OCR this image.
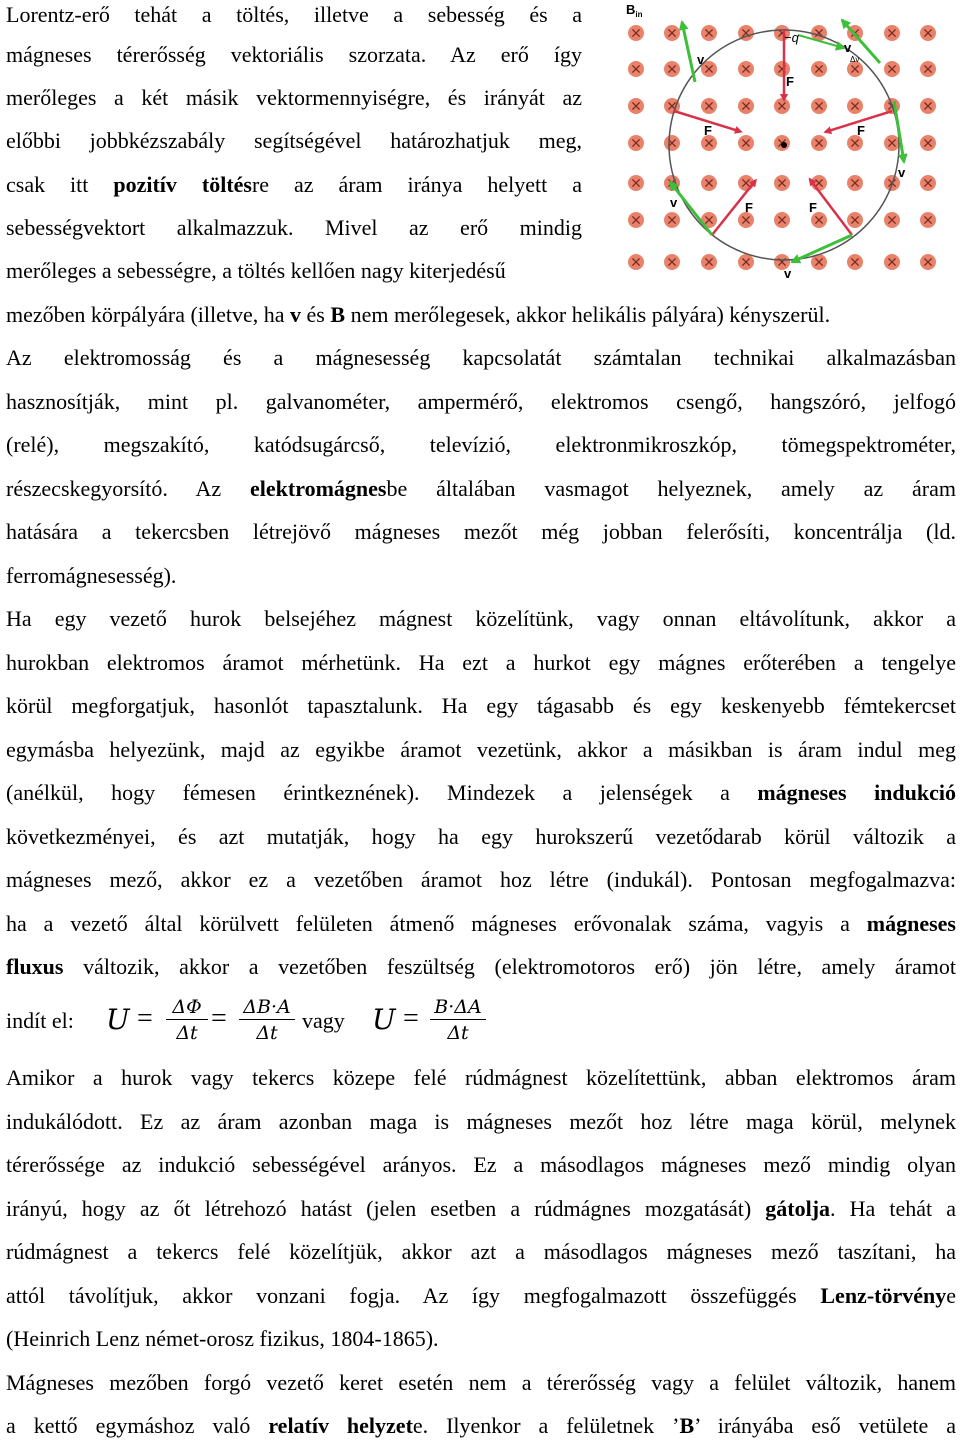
Lorentz-erő tehát a töltés, illetve a sebesség és a
mágneses térerősség vektoriális szorzata. Az erő így
merőleges a két másik vektormennyiségre, és irányát az
előbbi jobbkézszabály segítségével határozhatjuk meg,
csak itt pozitív töltésre az áram iránya helyett a
sebességvektort alkalmazzuk. Mivel az erő mindig
merőleges a sebességre, a töltés kellően nagy kiterjedésű
mezőben körpályára (illetve, ha v és B nem merőlegesek, akkor helikális pályára) kényszerül.
Az elektromosság és a mágnesesség kapcsolatát számtalan technikai alkalmazásban
hasznosítják, mint pl. galvanométer, ampermérő, elektromos csengő, hangszóró, jelfogó
(relé), megszakító, katódsugárcső, televízió, elektronmikroszkóp, tömegspektrométer,
részecskegyorsító. Az elektromágnesbe általában vasmagot helyeznek, amely az áram
hatására a tekercsben létrejövő mágneses mezőt még jobban felerősíti, koncentrálja (ld.
ferromágnesesség).
Ha egy vezető hurok belsejéhez mágnest közelítünk, vagy onnan eltávolítunk, akkor a
hurokban elektromos áramot mérhetünk. Ha ezt a hurkot egy mágnes erőterében a tengelye
körül megforgatjuk, hasonlót tapasztalunk. Ha egy tágasabb és egy keskenyebb fémtekercset
egymásba helyezünk, majd az egyikbe áramot vezetünk, akkor a másikban is áram indul meg
(anélkül, hogy fémesen érintkeznének). Mindezek a jelenségek a mágneses indukció
következményei, és azt mutatják, hogy ha egy hurokszerű vezetődarab körül változik a
mágneses mező, akkor ez a vezetőben áramot hoz létre (indukál). Pontosan megfogalmazva:
ha a vezető által körülvett felületen átmenő mágneses erővonalak száma, vagyis a mágneses
fluxus változik, akkor a vezetőben feszültség (elektromotoros erő) jön létre, amely áramot
indít el: U =	ΔΦ
Δt = ΔB·A
Δt	vagy U = B·ΔA
Δt
Amikor a hurok vagy tekercs közepe felé rúdmágnest közelítettünk, abban elektromos áram
indukálódott. Ez az áram azonban maga is mágneses mezőt hoz létre maga körül, melynek
térerőssége az indukció sebességével arányos. Ez a másodlagos mágneses mező mindig olyan
irányú, hogy az őt létrehozó hatást (jelen esetben a rúdmágnes mozgatását) gátolja. Ha tehát a
rúdmágnest a tekercs felé közelítjük, akkor azt a másodlagos mágneses mező taszítani, ha
attól távolítjuk, akkor vonzani fogja. Az így megfogalmazott összefüggés Lenz-törvénye
(Heinrich Lenz német-orosz fizikus, 1804-1865).
Mágneses mezőben forgó vezető keret esetén nem a térerősség vagy a felület változik, hanem
a kettő egymáshoz való relatív helyzete. Ilyenkor a felületnek ’B’ irányába eső vetülete a
$B_{in}$
−q
F
F	F
F	F
v
v
Δv
v
v
v
